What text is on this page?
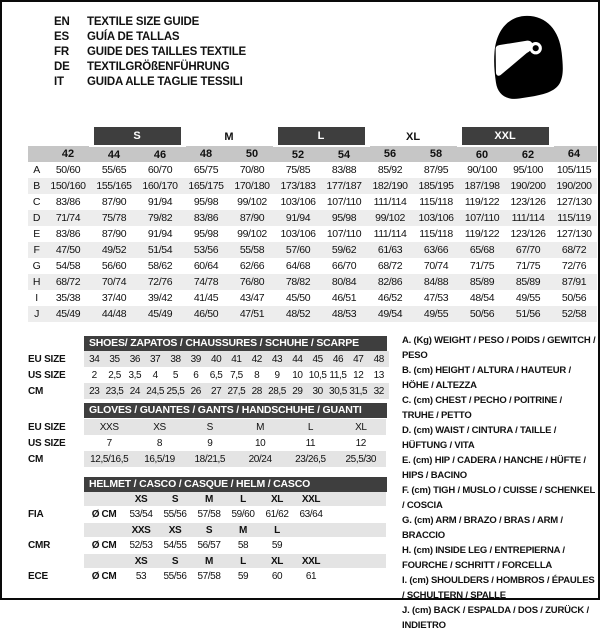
EN	TEXTILE SIZE GUIDE
ES	GUÍA DE TALLAS
FR	GUIDE DES TAILLES TEXTILE
DE	TEXTILGRÖßENFÜHRUNG
IT	GUIDA ALLE TAGLIE TESSILI
		S		M		L		XL		XXL		
	42	44	46	48	50	52	54	56	58	60	62	64
A	50/60	55/65	60/70	65/75	70/80	75/85	83/88	85/92	87/95	90/100	95/100	105/115
B	150/160	155/165	160/170	165/175	170/180	173/183	177/187	182/190	185/195	187/198	190/200	190/200
C	83/86	87/90	91/94	95/98	99/102	103/106	107/110	111/114	115/118	119/122	123/126	127/130
D	71/74	75/78	79/82	83/86	87/90	91/94	95/98	99/102	103/106	107/110	111/114	115/119
E	83/86	87/90	91/94	95/98	99/102	103/106	107/110	111/114	115/118	119/122	123/126	127/130
F	47/50	49/52	51/54	53/56	55/58	57/60	59/62	61/63	63/66	65/68	67/70	68/72
G	54/58	56/60	58/62	60/64	62/66	64/68	66/70	68/72	70/74	71/75	71/75	72/76
H	68/72	70/74	72/76	74/78	76/80	78/82	80/84	82/86	84/88	85/89	85/89	87/91
I	35/38	37/40	39/42	41/45	43/47	45/50	46/51	46/52	47/53	48/54	49/55	50/56
J	45/49	44/48	45/49	46/50	47/51	48/52	48/53	49/54	49/55	50/56	51/56	52/58
SHOES/ ZAPATOS / CHAUSSURES / SCHUHE / SCARPE
EU SIZE	34	35	36	37	38	39	40	41	42	43	44	45	46	47	48
US SIZE	2	2,5	3,5	4	5	6	6,5	7,5	8	9	10	10,5	11,5	12	13
CM	23	23,5	24	24,5	25,5	26	27	27,5	28	28,5	29	30	30,5	31,5	32
GLOVES / GUANTES / GANTS / HANDSCHUHE / GUANTI
EU SIZE	XXS	XS	S	M	L	XL
US SIZE	7	8	9	10	11	12
CM	12,5/16,5	16,5/19	18/21,5	20/24	23/26,5	25,5/30
HELMET / CASCO / CASQUE / HELM / CASCO
		XS	S	M	L	XL	XXL	
FIA	Ø CM	53/54	55/56	57/58	59/60	61/62	63/64	
		XXS	XS	S	M	L		
CMR	Ø CM	52/53	54/55	56/57	58	59		
		XS	S	M	L	XL	XXL	
ECE	Ø CM	53	55/56	57/58	59	60	61	
A. (Kg) WEIGHT / PESO / POIDS / GEWITCH / PESO
B. (cm) HEIGHT / ALTURA / HAUTEUR / HÖHE / ALTEZZA
C. (cm) CHEST / PECHO / POITRINE / TRUHE / PETTO
D. (cm) WAIST / CINTURA / TAILLE / HÜFTUNG / VITA
E. (cm) HIP / CADERA / HANCHE / HÜFTE / HIPS / BACINO
F. (cm) TIGH / MUSLO / CUISSE / SCHENKEL / COSCIA
G. (cm) ARM / BRAZO / BRAS / ARM / BRACCIO
H. (cm) INSIDE LEG / ENTREPIERNA / FOURCHE / SCHRITT / FORCELLA
I. (cm) SHOULDERS / HOMBROS / ÉPAULES / SCHULTERN / SPALLE
J. (cm) BACK / ESPALDA / DOS / ZURÜCK / INDIETRO
